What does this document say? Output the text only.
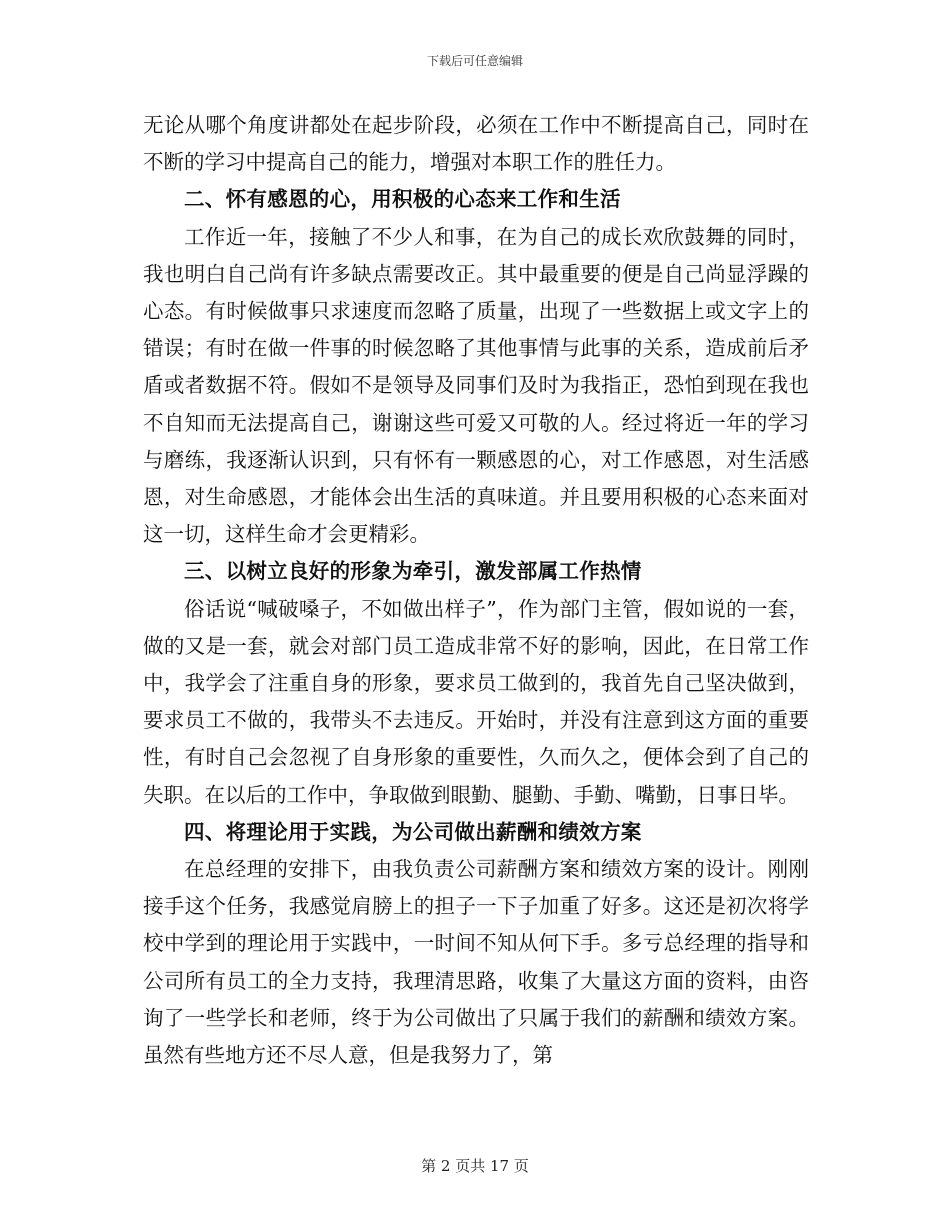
下载后可任意编辑

无论从哪个角度讲都处在起步阶段，必须在工作中不断提高自己，同时在不断的学习中提高自己的能力，增强对本职工作的胜任力。

二、怀有感恩的心，用积极的心态来工作和生活

工作近一年，接触了不少人和事，在为自己的成长欢欣鼓舞的同时，我也明白自己尚有许多缺点需要改正。其中最重要的便是自己尚显浮躁的心态。有时候做事只求速度而忽略了质量，出现了一些数据上或文字上的错误；有时在做一件事的时候忽略了其他事情与此事的关系，造成前后矛盾或者数据不符。假如不是领导及同事们及时为我指正，恐怕到现在我也不自知而无法提高自己，谢谢这些可爱又可敬的人。经过将近一年的学习与磨练，我逐渐认识到，只有怀有一颗感恩的心，对工作感恩，对生活感恩，对生命感恩，才能体会出生活的真味道。并且要用积极的心态来面对这一切，这样生命才会更精彩。

三、以树立良好的形象为牵引，激发部属工作热情

俗话说“喊破嗓子，不如做出样子”，作为部门主管，假如说的一套，做的又是一套，就会对部门员工造成非常不好的影响，因此，在日常工作中，我学会了注重自身的形象，要求员工做到的，我首先自己坚决做到，要求员工不做的，我带头不去违反。开始时，并没有注意到这方面的重要性，有时自己会忽视了自身形象的重要性，久而久之，便体会到了自己的失职。在以后的工作中，争取做到眼勤、腿勤、手勤、嘴勤，日事日毕。

四、将理论用于实践，为公司做出薪酬和绩效方案

在总经理的安排下，由我负责公司薪酬方案和绩效方案的设计。刚刚接手这个任务，我感觉肩膀上的担子一下子加重了好多。这还是初次将学校中学到的理论用于实践中，一时间不知从何下手。多亏总经理的指导和公司所有员工的全力支持，我理清思路，收集了大量这方面的资料，由咨询了一些学长和老师，终于为公司做出了只属于我们的薪酬和绩效方案。虽然有些地方还不尽人意，但是我努力了，第

第 2 页共 17 页
